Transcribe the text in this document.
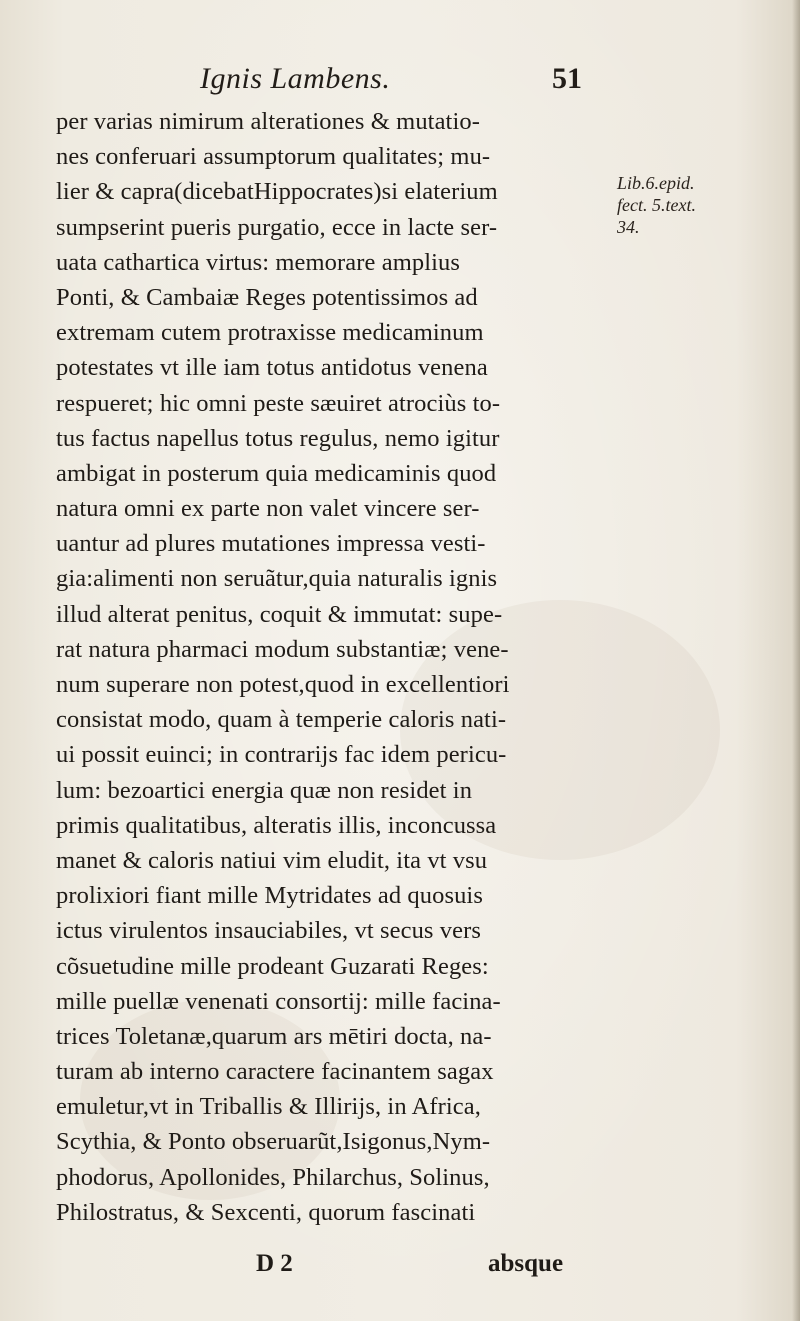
Ignis Lambens.	51
per varias nimirum alterationes & mutatio-
nes conferuari assumptorum qualitates; mu-
lier & capra(dicebatHippocrates)si elaterium
sumpserint pueris purgatio, ecce in lacte ser-
uata cathartica virtus: memorare amplius
Ponti, & Cambaiæ Reges potentissimos ad
extremam cutem protraxisse medicaminum
potestates vt ille iam totus antidotus venena
respueret; hic omni peste sæuiret atrociùs to-
tus factus napellus totus regulus, nemo igitur
ambigat in posterum quia medicaminis quod
natura omni ex parte non valet vincere ser-
uantur ad plures mutationes impressa vesti-
gia:alimenti non seruãtur,quia naturalis ignis
illud alterat penitus, coquit & immutat: supe-
rat natura pharmaci modum substantiæ; vene-
num superare non potest,quod in excellentiori
consistat modo, quam à temperie caloris nati-
ui possit euinci; in contrarijs fac idem pericu-
lum: bezoartici energia quæ non residet in
primis qualitatibus, alteratis illis, inconcussa
manet & caloris natiui vim eludit, ita vt vsu
prolixiori fiant mille Mytridates ad quosuis
ictus virulentos insauciabiles, vt secus vers
cõsuetudine mille prodeant Guzarati Reges:
mille puellæ venenati consortij: mille facina-
trices Toletanæ,quarum ars mētiri docta, na-
turam ab interno caractere facinantem sagax
emuletur,vt in Triballis & Illirijs, in Africa,
Scythia, & Ponto obseruarũt,Isigonus,Nym-
phodorus, Apollonides, Philarchus, Solinus,
Philostratus, & Sexcenti, quorum fascinati
Lib.6.epid.
fect. 5.text.
34.
D 2	absque
